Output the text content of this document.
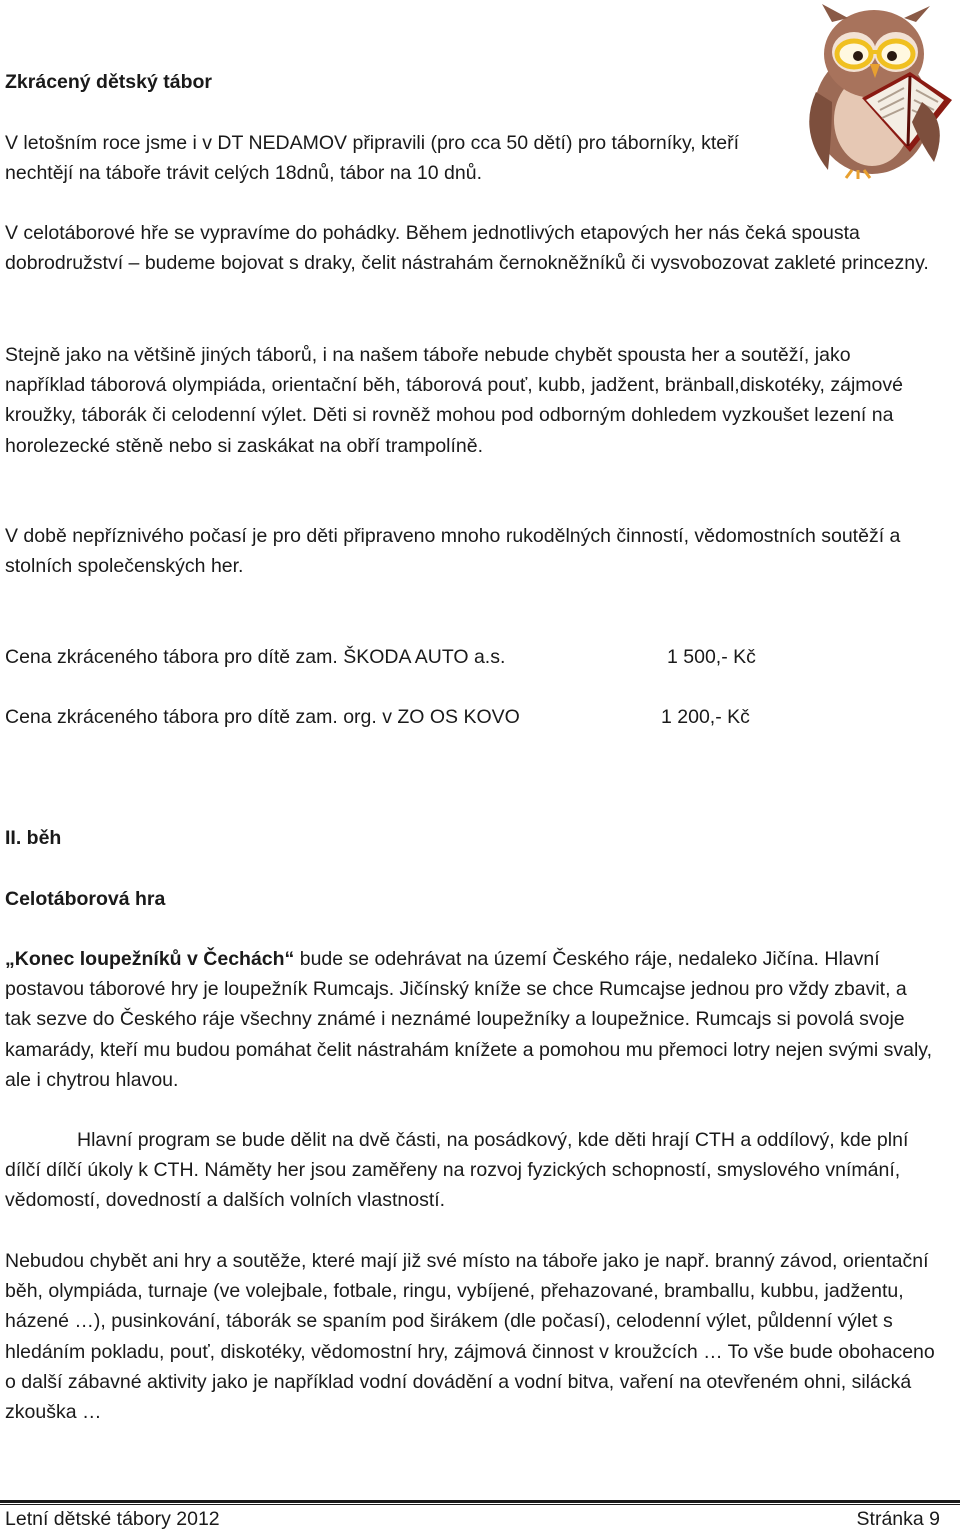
Zkrácený dětský tábor

V letošním roce jsme i v DT NEDAMOV připravili (pro cca 50 dětí) pro táborníky, kteří nechtějí na táboře trávit celých 18dnů, tábor na 10 dnů.

V celotáborové hře se vypravíme do pohádky. Během jednotlivých etapových her nás čeká spousta dobrodružství – budeme bojovat s draky, čelit nástrahám černokněžníků či vysvobozovat zakleté princezny.

Stejně jako na většině jiných táborů, i na našem táboře nebude chybět spousta her a soutěží, jako například táborová olympiáda, orientační běh, táborová pouť, kubb, jadžent, bränball,diskotéky, zájmové kroužky, táborák či celodenní výlet. Děti si rovněž mohou pod odborným dohledem vyzkoušet lezení na horolezecké stěně nebo si zaskákat na obří trampolíně.

V době nepříznivého počasí je pro děti připraveno mnoho rukodělných činností, vědomostních soutěží a stolních společenských her.

Cena zkráceného tábora pro dítě zam. ŠKODA AUTO a.s.	1 500,- Kč
Cena zkráceného tábora pro dítě zam. org. v ZO OS KOVO	1 200,- Kč
II. běh
Celotáborová hra

„Konec loupežníků v Čechách“ bude se odehrávat na území Českého ráje, nedaleko Jičína. Hlavní postavou táborové hry je loupežník Rumcajs. Jičínský kníže se chce Rumcajse jednou pro vždy zbavit, a tak sezve do Českého ráje všechny známé i neznámé loupežníky a loupežnice. Rumcajs si povolá svoje kamarády, kteří mu budou pomáhat čelit nástrahám knížete a pomohou mu přemoci lotry nejen svými svaly, ale i chytrou hlavou.

Hlavní program se bude dělit na dvě části, na posádkový, kde děti hrají CTH a oddílový, kde plní dílčí dílčí úkoly k CTH. Náměty her jsou zaměřeny na rozvoj fyzických schopností, smyslového vnímání, vědomostí, dovedností a dalších volních vlastností.

Nebudou chybět ani hry a soutěže, které mají již své místo na táboře jako je např. branný závod, orientační běh, olympiáda, turnaje (ve volejbale, fotbale, ringu, vybíjené, přehazované, bramballu, kubbu, jadžentu, házené …), pusinkování, táborák se spaním pod širákem (dle počasí), celodenní výlet, půldenní výlet s hledáním pokladu, pouť, diskotéky, vědomostní hry, zájmová činnost v kroužcích … To vše bude obohaceno o další zábavné aktivity jako je například vodní dovádění a vodní bitva, vaření na otevřeném ohni, silácká zkouška …

Letní dětské tábory 2012	Stránka 9
